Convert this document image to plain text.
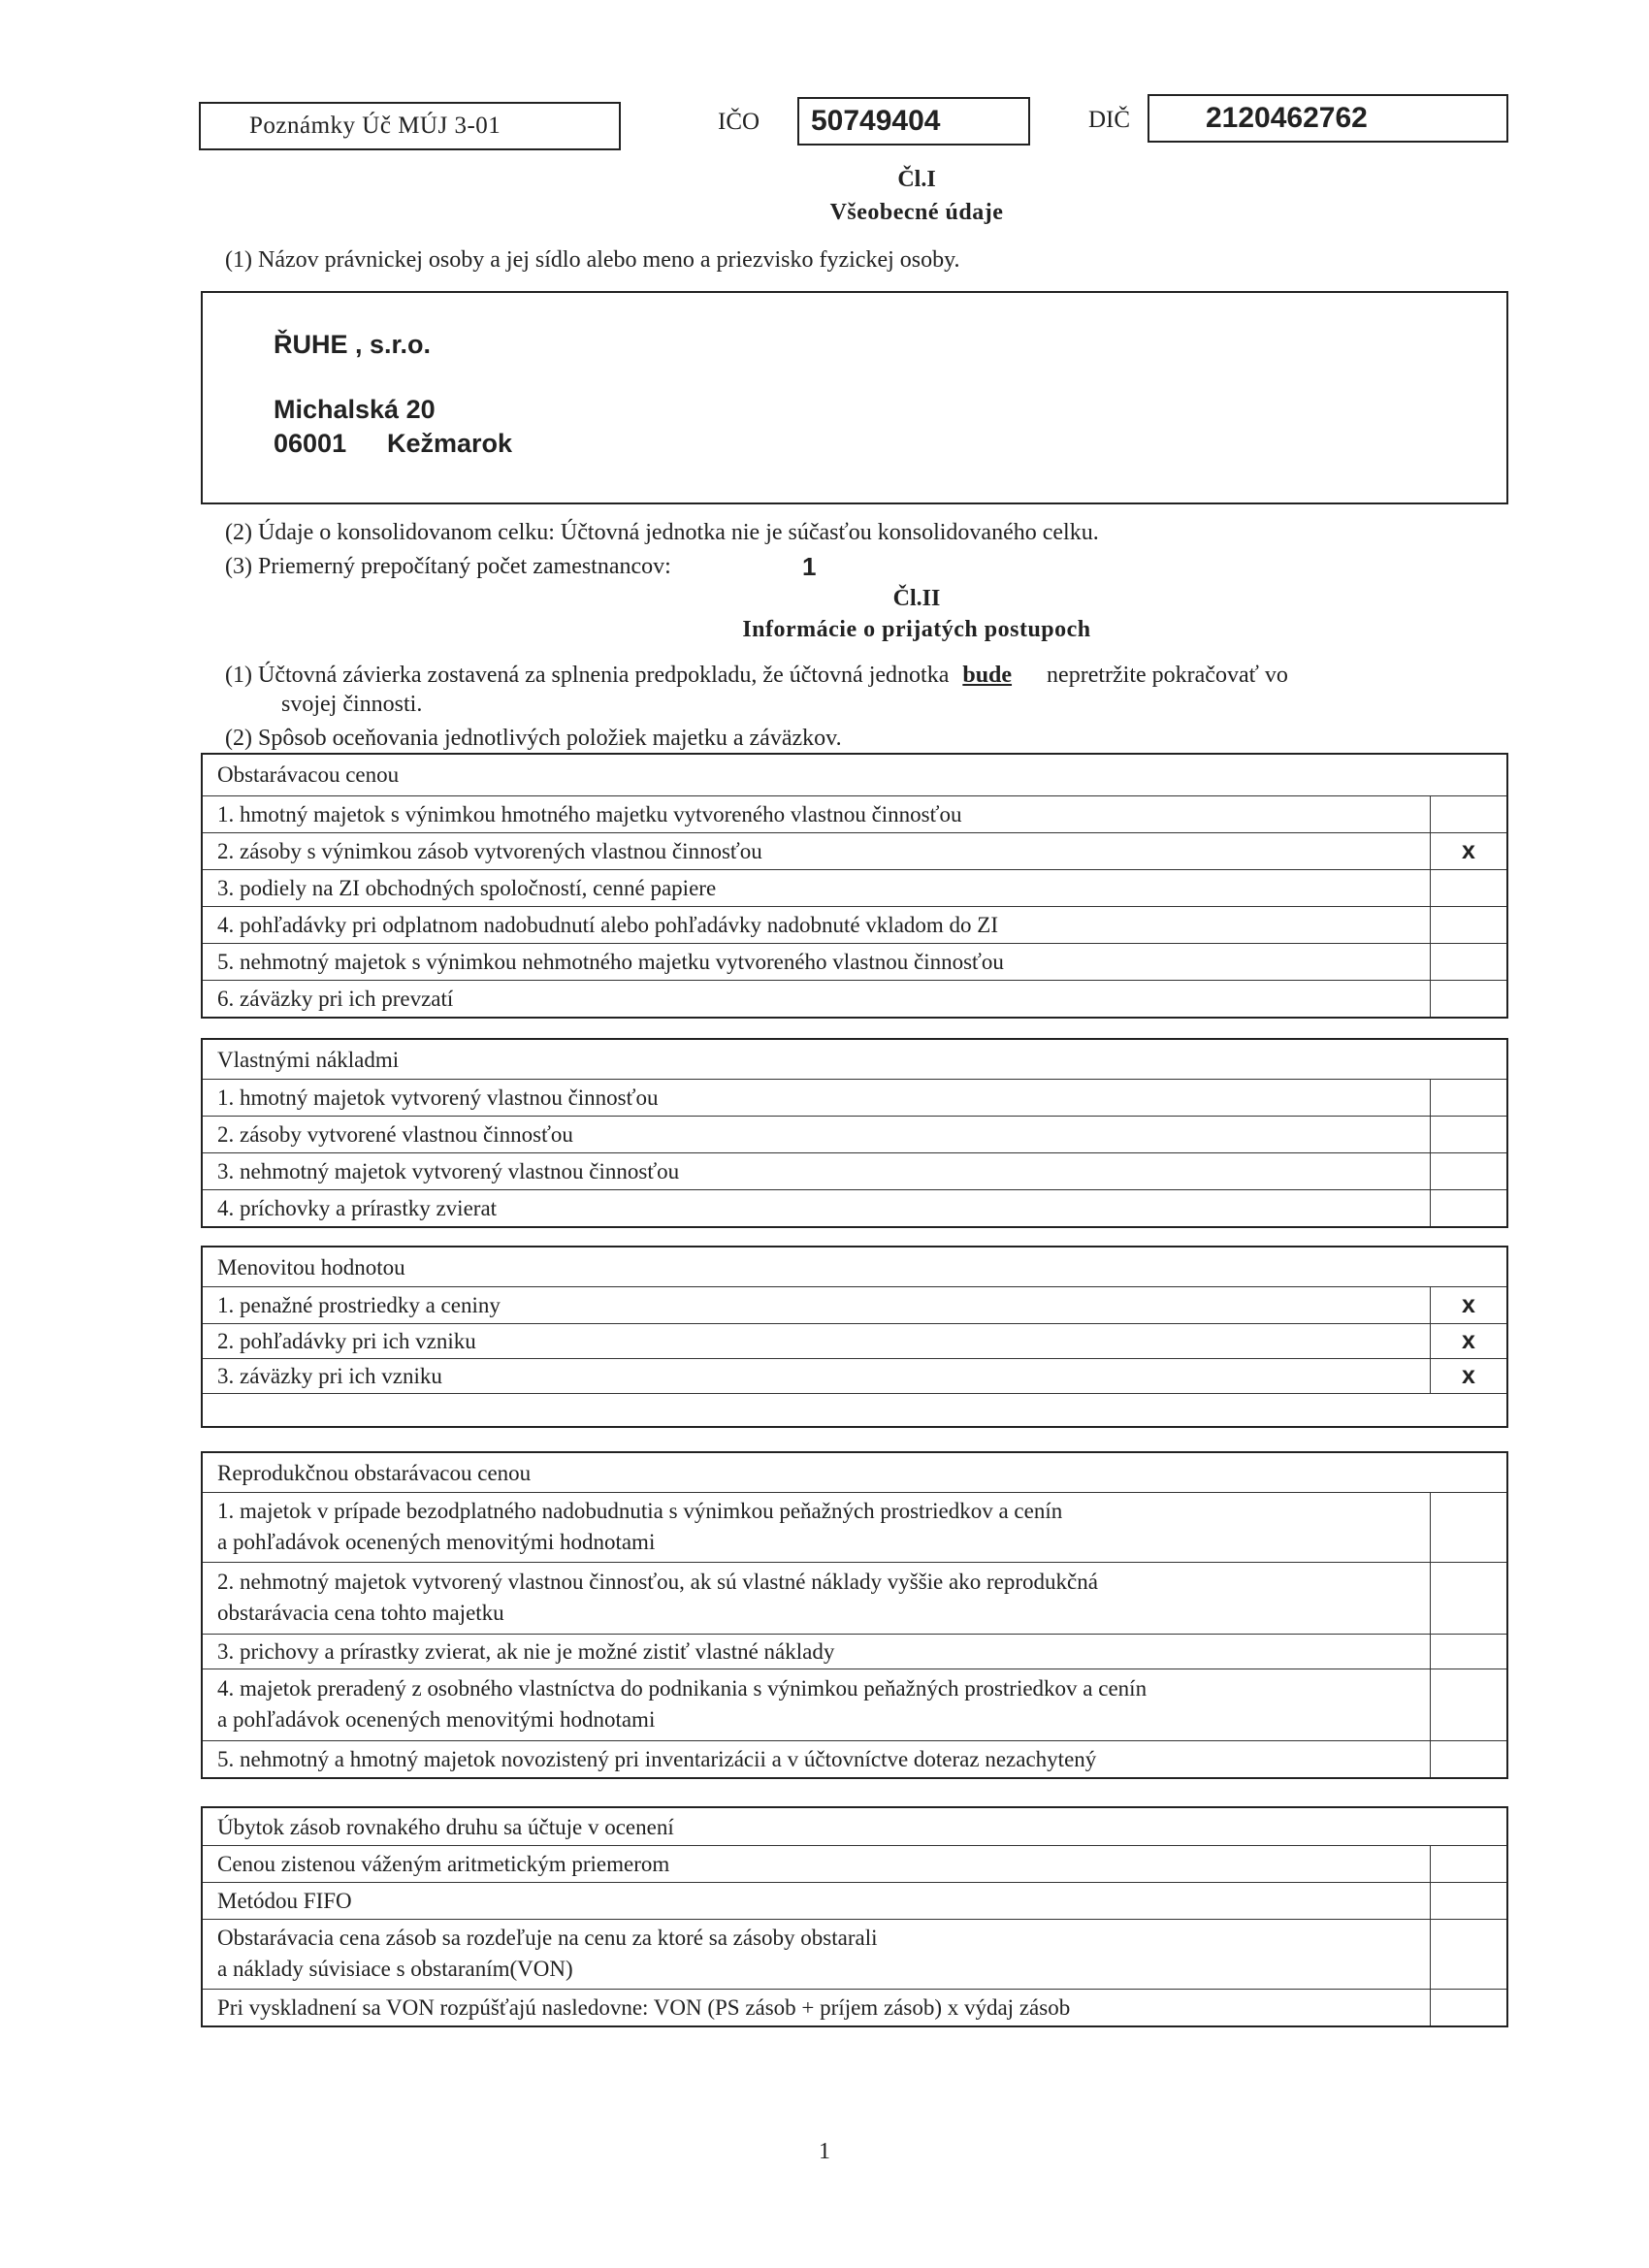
Poznámky Úč MÚJ 3-01	IČO	50749404	DIČ	2120462762
Čl.I
Všeobecné údaje
(1) Názov právnickej osoby a jej sídlo alebo meno a priezvisko fyzickej osoby.
ŘUHE , s.r.o.
Michalská 20
06001 Kežmarok
(2) Údaje o konsolidovanom celku: Účtovná jednotka nie je súčasťou konsolidovaného celku.
(3) Priemerný prepočítaný počet zamestnancov:	1
Čl.II
Informácie o prijatých postupoch
(1) Účtovná závierka zostavená za splnenia predpokladu, že účtovná jednotka bude nepretržite pokračovať vo
svojej činnosti.
(2) Spôsob oceňovania jednotlivých položiek majetku a záväzkov.
Obstarávacou cenou
1. hmotný majetok s výnimkou hmotného majetku vytvoreného vlastnou činnosťou
2. zásoby s výnimkou zásob vytvorených vlastnou činnosťou	x
3. podiely na ZI obchodných spoločností, cenné papiere
4. pohľadávky pri odplatnom nadobudnutí alebo pohľadávky nadobnuté vkladom do ZI
5. nehmotný majetok s výnimkou nehmotného majetku vytvoreného vlastnou činnosťou
6. záväzky pri ich prevzatí
Vlastnými nákladmi
1. hmotný majetok vytvorený vlastnou činnosťou
2. zásoby vytvorené vlastnou činnosťou
3. nehmotný majetok vytvorený vlastnou činnosťou
4. príchovky a prírastky zvierat
Menovitou hodnotou
1. penažné prostriedky a ceniny	x
2. pohľadávky pri ich vzniku	x
3. záväzky pri ich vzniku	x
Reprodukčnou obstarávacou cenou
1. majetok v prípade bezodplatného nadobudnutia s výnimkou peňažných prostriedkov a cenín
a pohľadávok ocenených menovitými hodnotami
2. nehmotný majetok vytvorený vlastnou činnosťou, ak sú vlastné náklady vyššie ako reprodukčná
obstarávacia cena tohto majetku
3. prichovy a prírastky zvierat, ak nie je možné zistiť vlastné náklady
4. majetok preradený z osobného vlastníctva do podnikania s výnimkou peňažných prostriedkov a cenín
a pohľadávok ocenených menovitými hodnotami
5. nehmotný a hmotný majetok novozistený pri inventarizácii a v účtovníctve doteraz nezachytený
Úbytok zásob rovnakého druhu sa účtuje v ocenení
Cenou zistenou váženým aritmetickým priemerom
Metódou FIFO
Obstarávacia cena zásob sa rozdeľuje na cenu za ktoré sa zásoby obstarali
a náklady súvisiace s obstaraním(VON)
Pri vyskladnení sa VON rozpúšťajú nasledovne: VON (PS zásob + príjem zásob) x výdaj zásob
1
